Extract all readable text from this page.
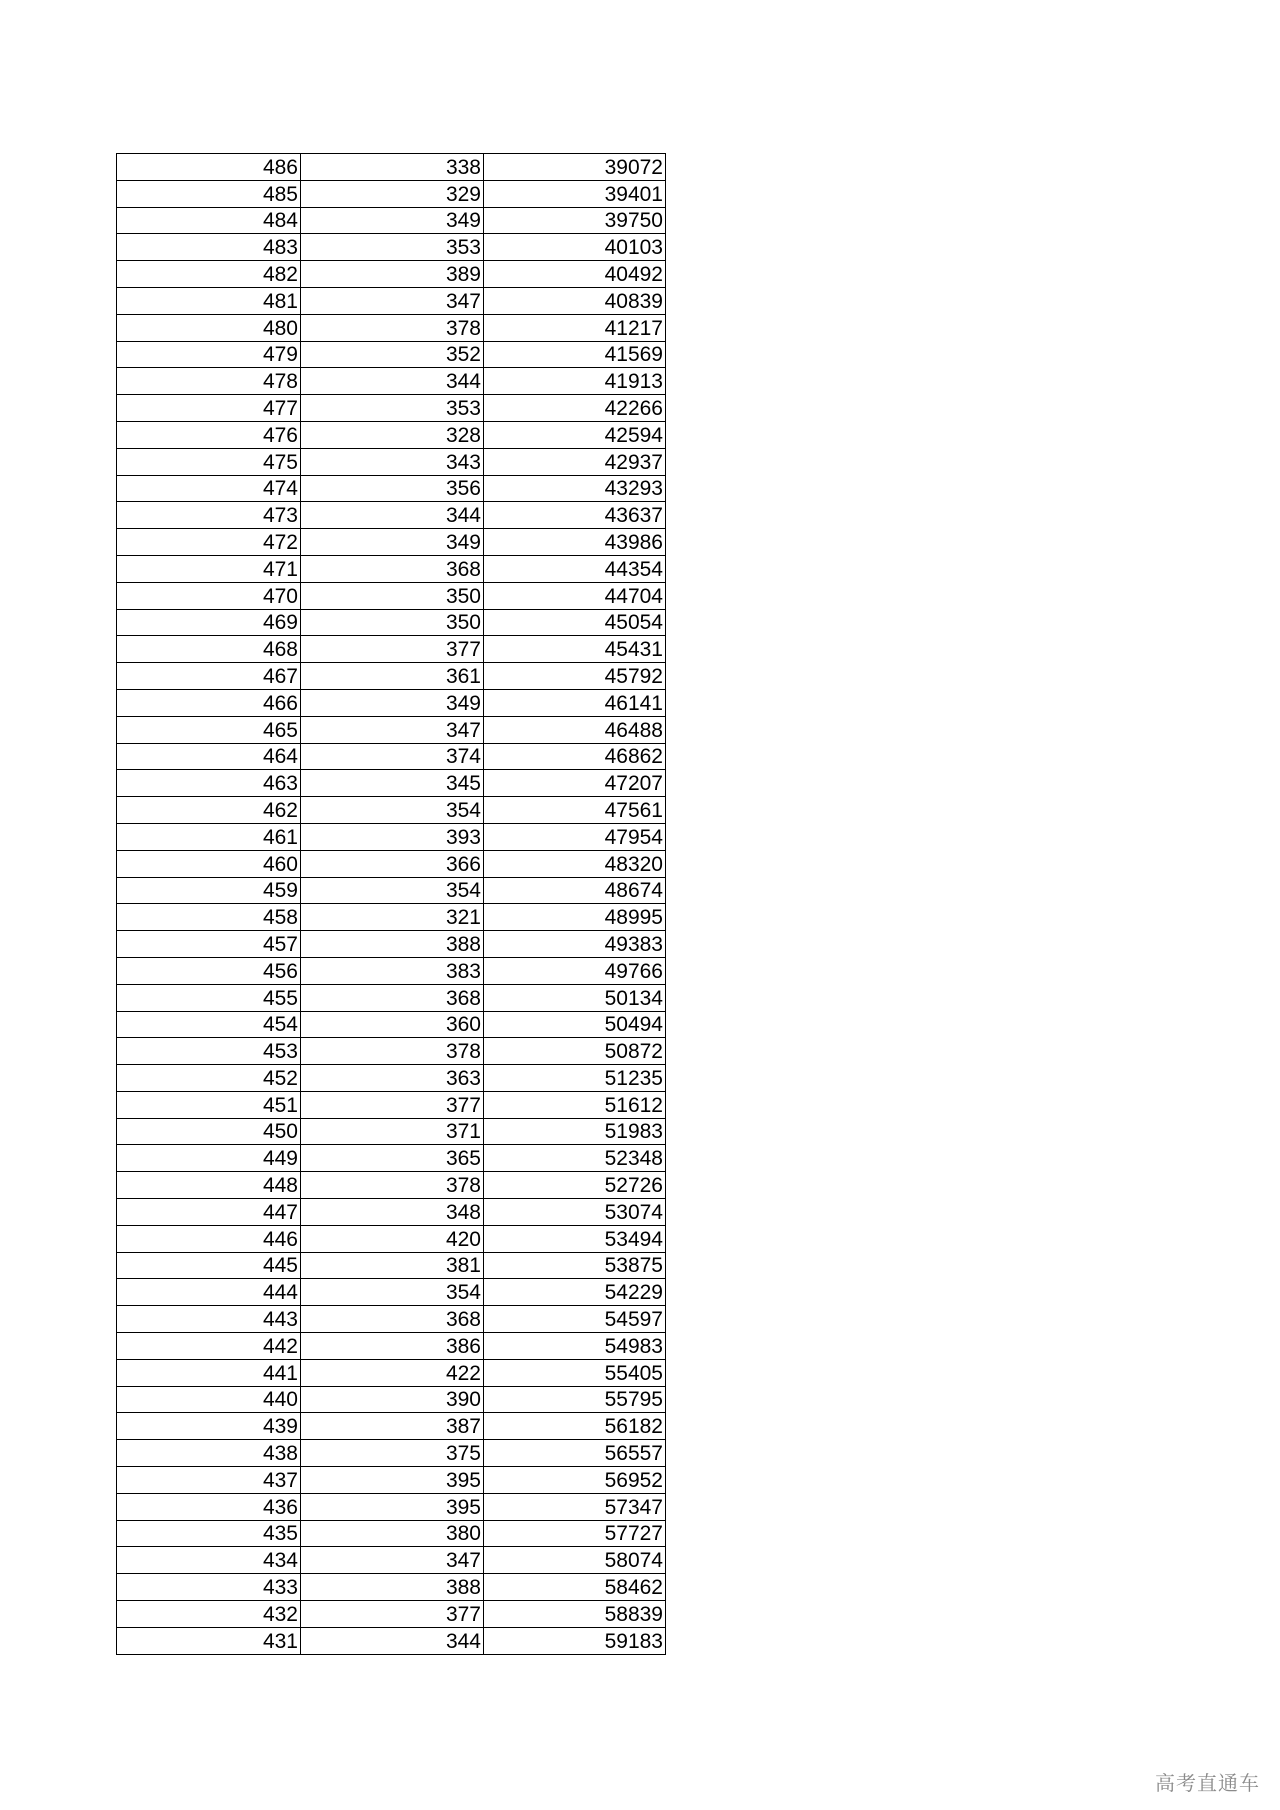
486	338	39072
485	329	39401
484	349	39750
483	353	40103
482	389	40492
481	347	40839
480	378	41217
479	352	41569
478	344	41913
477	353	42266
476	328	42594
475	343	42937
474	356	43293
473	344	43637
472	349	43986
471	368	44354
470	350	44704
469	350	45054
468	377	45431
467	361	45792
466	349	46141
465	347	46488
464	374	46862
463	345	47207
462	354	47561
461	393	47954
460	366	48320
459	354	48674
458	321	48995
457	388	49383
456	383	49766
455	368	50134
454	360	50494
453	378	50872
452	363	51235
451	377	51612
450	371	51983
449	365	52348
448	378	52726
447	348	53074
446	420	53494
445	381	53875
444	354	54229
443	368	54597
442	386	54983
441	422	55405
440	390	55795
439	387	56182
438	375	56557
437	395	56952
436	395	57347
435	380	57727
434	347	58074
433	388	58462
432	377	58839
431	344	59183
高考直通车
